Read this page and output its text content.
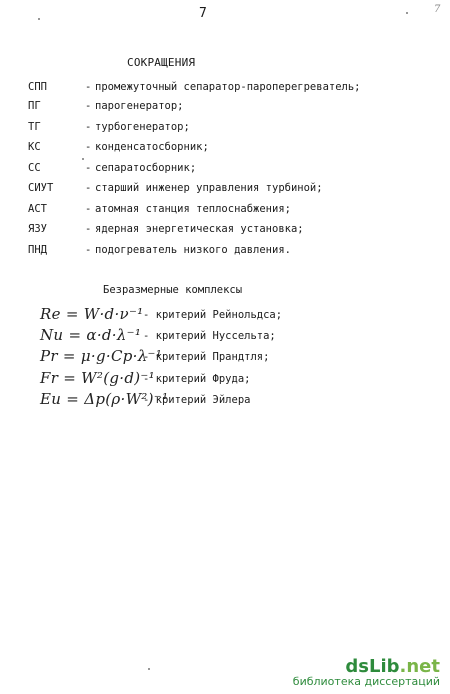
7	7
СОКРАЩЕНИЯ
СПП	- промежуточный сепаратор-пароперегреватель;
ПГ	- парогенератор;
ТГ	- турбогенератор;
КС	- конденсатосборник;
СС	- сепаратосборник;
СИУТ	- старший инженер управления турбиной;
АСТ	- атомная станция теплоснабжения;
ЯЗУ	- ядерная энергетическая установка;
ПНД	- подогреватель низкого давления.
Безразмерные комплексы
Re = W·d·ν⁻¹ - критерий Рейнольдса;
Nu = α·d·λ⁻¹ - критерий Нуссельта;
Pr = μ·g·Cp·λ⁻¹
- критерий Прандтля;
Fr = W²(g·d)⁻¹
- критерий Фруда;
Eu = Δp(ρ·W²)⁻¹
- критерий Эйлера
dsLib.net
библиотека диссертаций
